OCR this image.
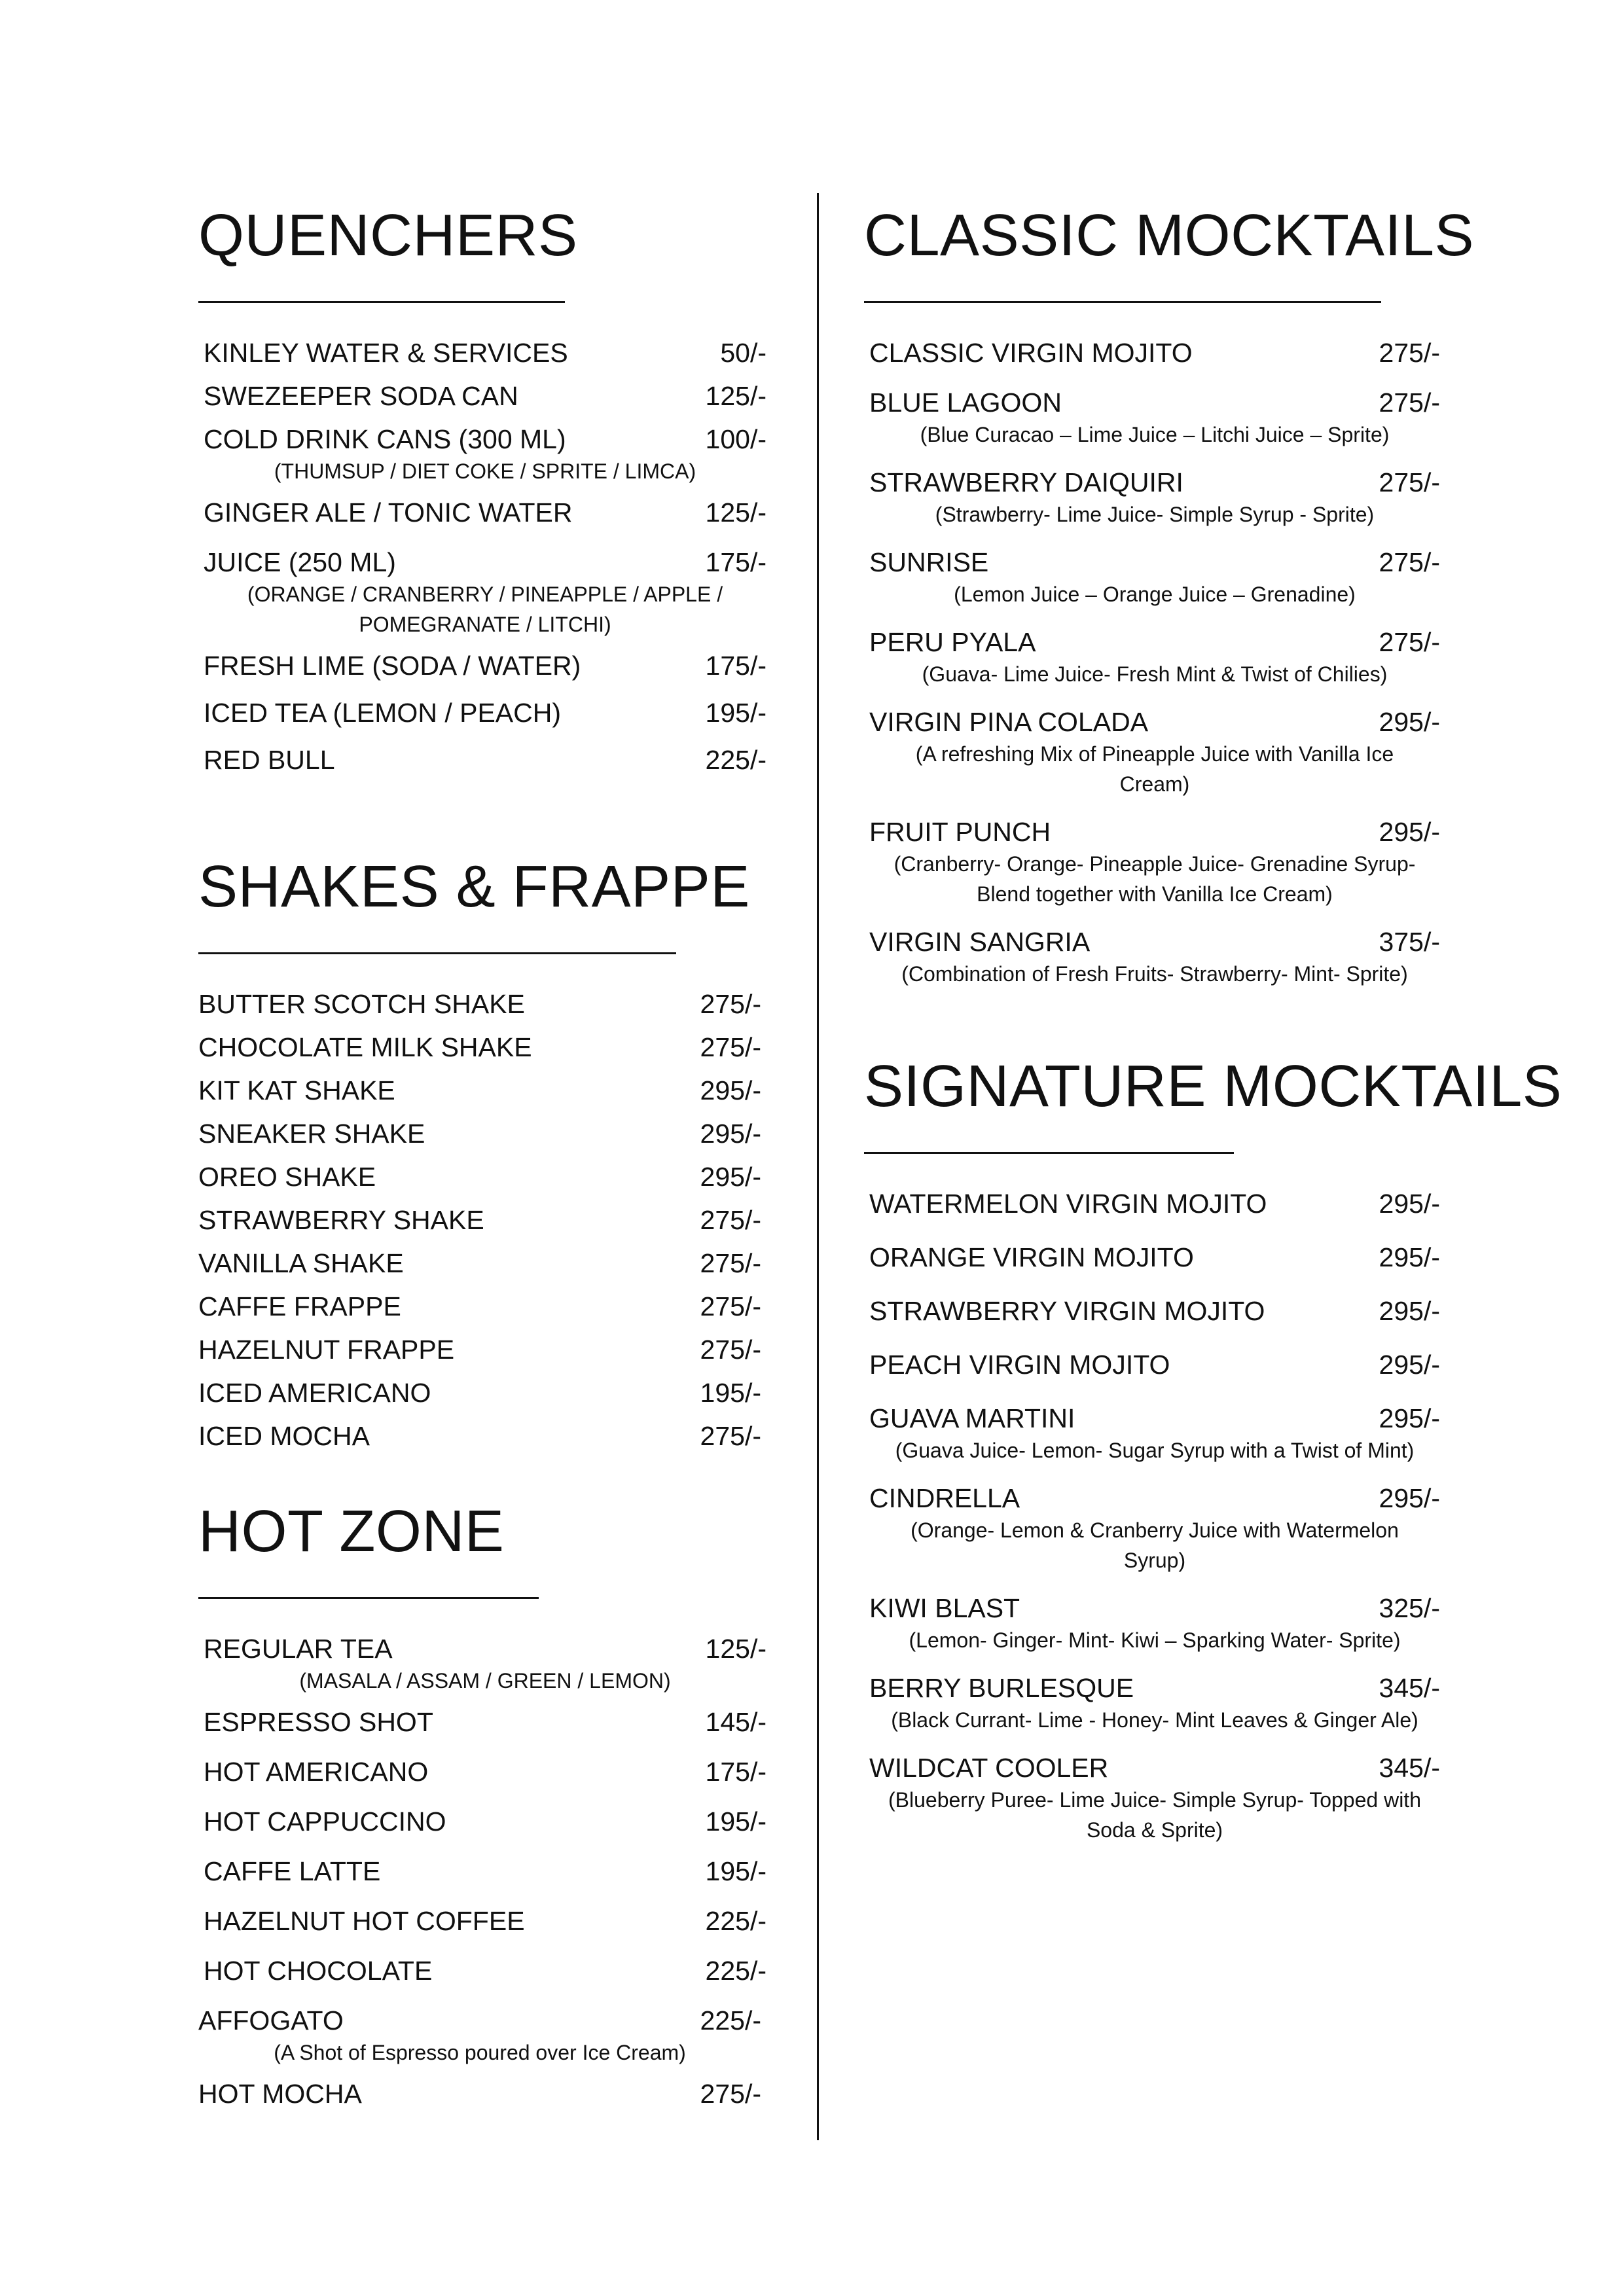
QUENCHERS
KINLEY WATER & SERVICES	50/-
SWEZEEPER SODA CAN	125/-
COLD DRINK CANS (300 ML)	100/-
(THUMSUP / DIET COKE / SPRITE / LIMCA)
GINGER ALE / TONIC WATER	125/-
JUICE (250 ML)	175/-
(ORANGE / CRANBERRY / PINEAPPLE / APPLE /
POMEGRANATE / LITCHI)
FRESH LIME (SODA / WATER)	175/-
ICED TEA (LEMON / PEACH)	195/-
RED BULL	225/-
SHAKES & FRAPPE
BUTTER SCOTCH SHAKE	275/-
CHOCOLATE MILK SHAKE	275/-
KIT KAT SHAKE	295/-
SNEAKER SHAKE	295/-
OREO SHAKE	295/-
STRAWBERRY SHAKE	275/-
VANILLA SHAKE	275/-
CAFFE FRAPPE	275/-
HAZELNUT FRAPPE	275/-
ICED AMERICANO	195/-
ICED MOCHA	275/-
HOT ZONE
REGULAR TEA	125/-
(MASALA / ASSAM / GREEN / LEMON)
ESPRESSO SHOT	145/-
HOT AMERICANO	175/-
HOT CAPPUCCINO	195/-
CAFFE LATTE	195/-
HAZELNUT HOT COFFEE	225/-
HOT CHOCOLATE	225/-
AFFOGATO	225/-
(A Shot of Espresso poured over Ice Cream)
HOT MOCHA	275/-
CLASSIC MOCKTAILS
CLASSIC VIRGIN MOJITO	275/-
BLUE LAGOON	275/-
(Blue Curacao – Lime Juice – Litchi Juice – Sprite)
STRAWBERRY DAIQUIRI	275/-
(Strawberry- Lime Juice- Simple Syrup - Sprite)
SUNRISE	275/-
(Lemon Juice – Orange Juice – Grenadine)
PERU PYALA	275/-
(Guava- Lime Juice- Fresh Mint & Twist of Chilies)
VIRGIN PINA COLADA	295/-
(A refreshing Mix of Pineapple Juice with Vanilla Ice
Cream)
FRUIT PUNCH	295/-
(Cranberry- Orange- Pineapple Juice- Grenadine Syrup-
Blend together with Vanilla Ice Cream)
VIRGIN SANGRIA	375/-
(Combination of Fresh Fruits- Strawberry- Mint- Sprite)
SIGNATURE MOCKTAILS
WATERMELON VIRGIN MOJITO	295/-
ORANGE VIRGIN MOJITO	295/-
STRAWBERRY VIRGIN MOJITO	295/-
PEACH VIRGIN MOJITO	295/-
GUAVA MARTINI	295/-
(Guava Juice- Lemon- Sugar Syrup with a Twist of Mint)
CINDRELLA	295/-
(Orange- Lemon & Cranberry Juice with Watermelon
Syrup)
KIWI BLAST	325/-
(Lemon- Ginger- Mint- Kiwi – Sparking Water- Sprite)
BERRY BURLESQUE	345/-
(Black Currant- Lime - Honey- Mint Leaves & Ginger Ale)
WILDCAT COOLER	345/-
(Blueberry Puree- Lime Juice- Simple Syrup- Topped with
Soda & Sprite)
